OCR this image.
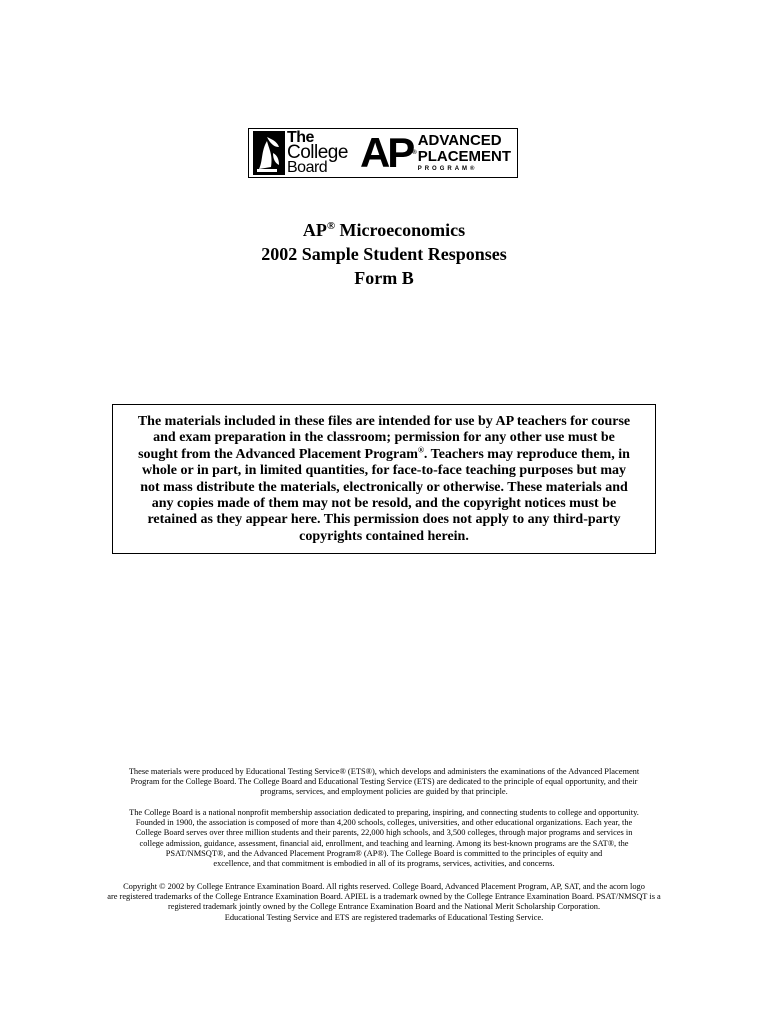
The
College
Board AP®
ADVANCED
PLACEMENT
PROGRAM®
AP® Microeconomics
2002 Sample Student Responses
Form B
The materials included in these files are intended for use by AP teachers for course
and exam preparation in the classroom; permission for any other use must be
sought from the Advanced Placement Program®. Teachers may reproduce them, in
whole or in part, in limited quantities, for face-to-face teaching purposes but may
not mass distribute the materials, electronically or otherwise. These materials and
any copies made of them may not be resold, and the copyright notices must be
retained as they appear here. This permission does not apply to any third-party
copyrights contained herein.
These materials were produced by Educational Testing Service® (ETS®), which develops and administers the examinations of the Advanced Placement
Program for the College Board. The College Board and Educational Testing Service (ETS) are dedicated to the principle of equal opportunity, and their
programs, services, and employment policies are guided by that principle.
The College Board is a national nonprofit membership association dedicated to preparing, inspiring, and connecting students to college and opportunity.
Founded in 1900, the association is composed of more than 4,200 schools, colleges, universities, and other educational organizations. Each year, the
College Board serves over three million students and their parents, 22,000 high schools, and 3,500 colleges, through major programs and services in
college admission, guidance, assessment, financial aid, enrollment, and teaching and learning. Among its best-known programs are the SAT®, the
PSAT/NMSQT®, and the Advanced Placement Program® (AP®). The College Board is committed to the principles of equity and
excellence, and that commitment is embodied in all of its programs, services, activities, and concerns.
Copyright © 2002 by College Entrance Examination Board. All rights reserved. College Board, Advanced Placement Program, AP, SAT, and the acorn logo
are registered trademarks of the College Entrance Examination Board. APIEL is a trademark owned by the College Entrance Examination Board. PSAT/NMSQT is a
registered trademark jointly owned by the College Entrance Examination Board and the National Merit Scholarship Corporation.
Educational Testing Service and ETS are registered trademarks of Educational Testing Service.
